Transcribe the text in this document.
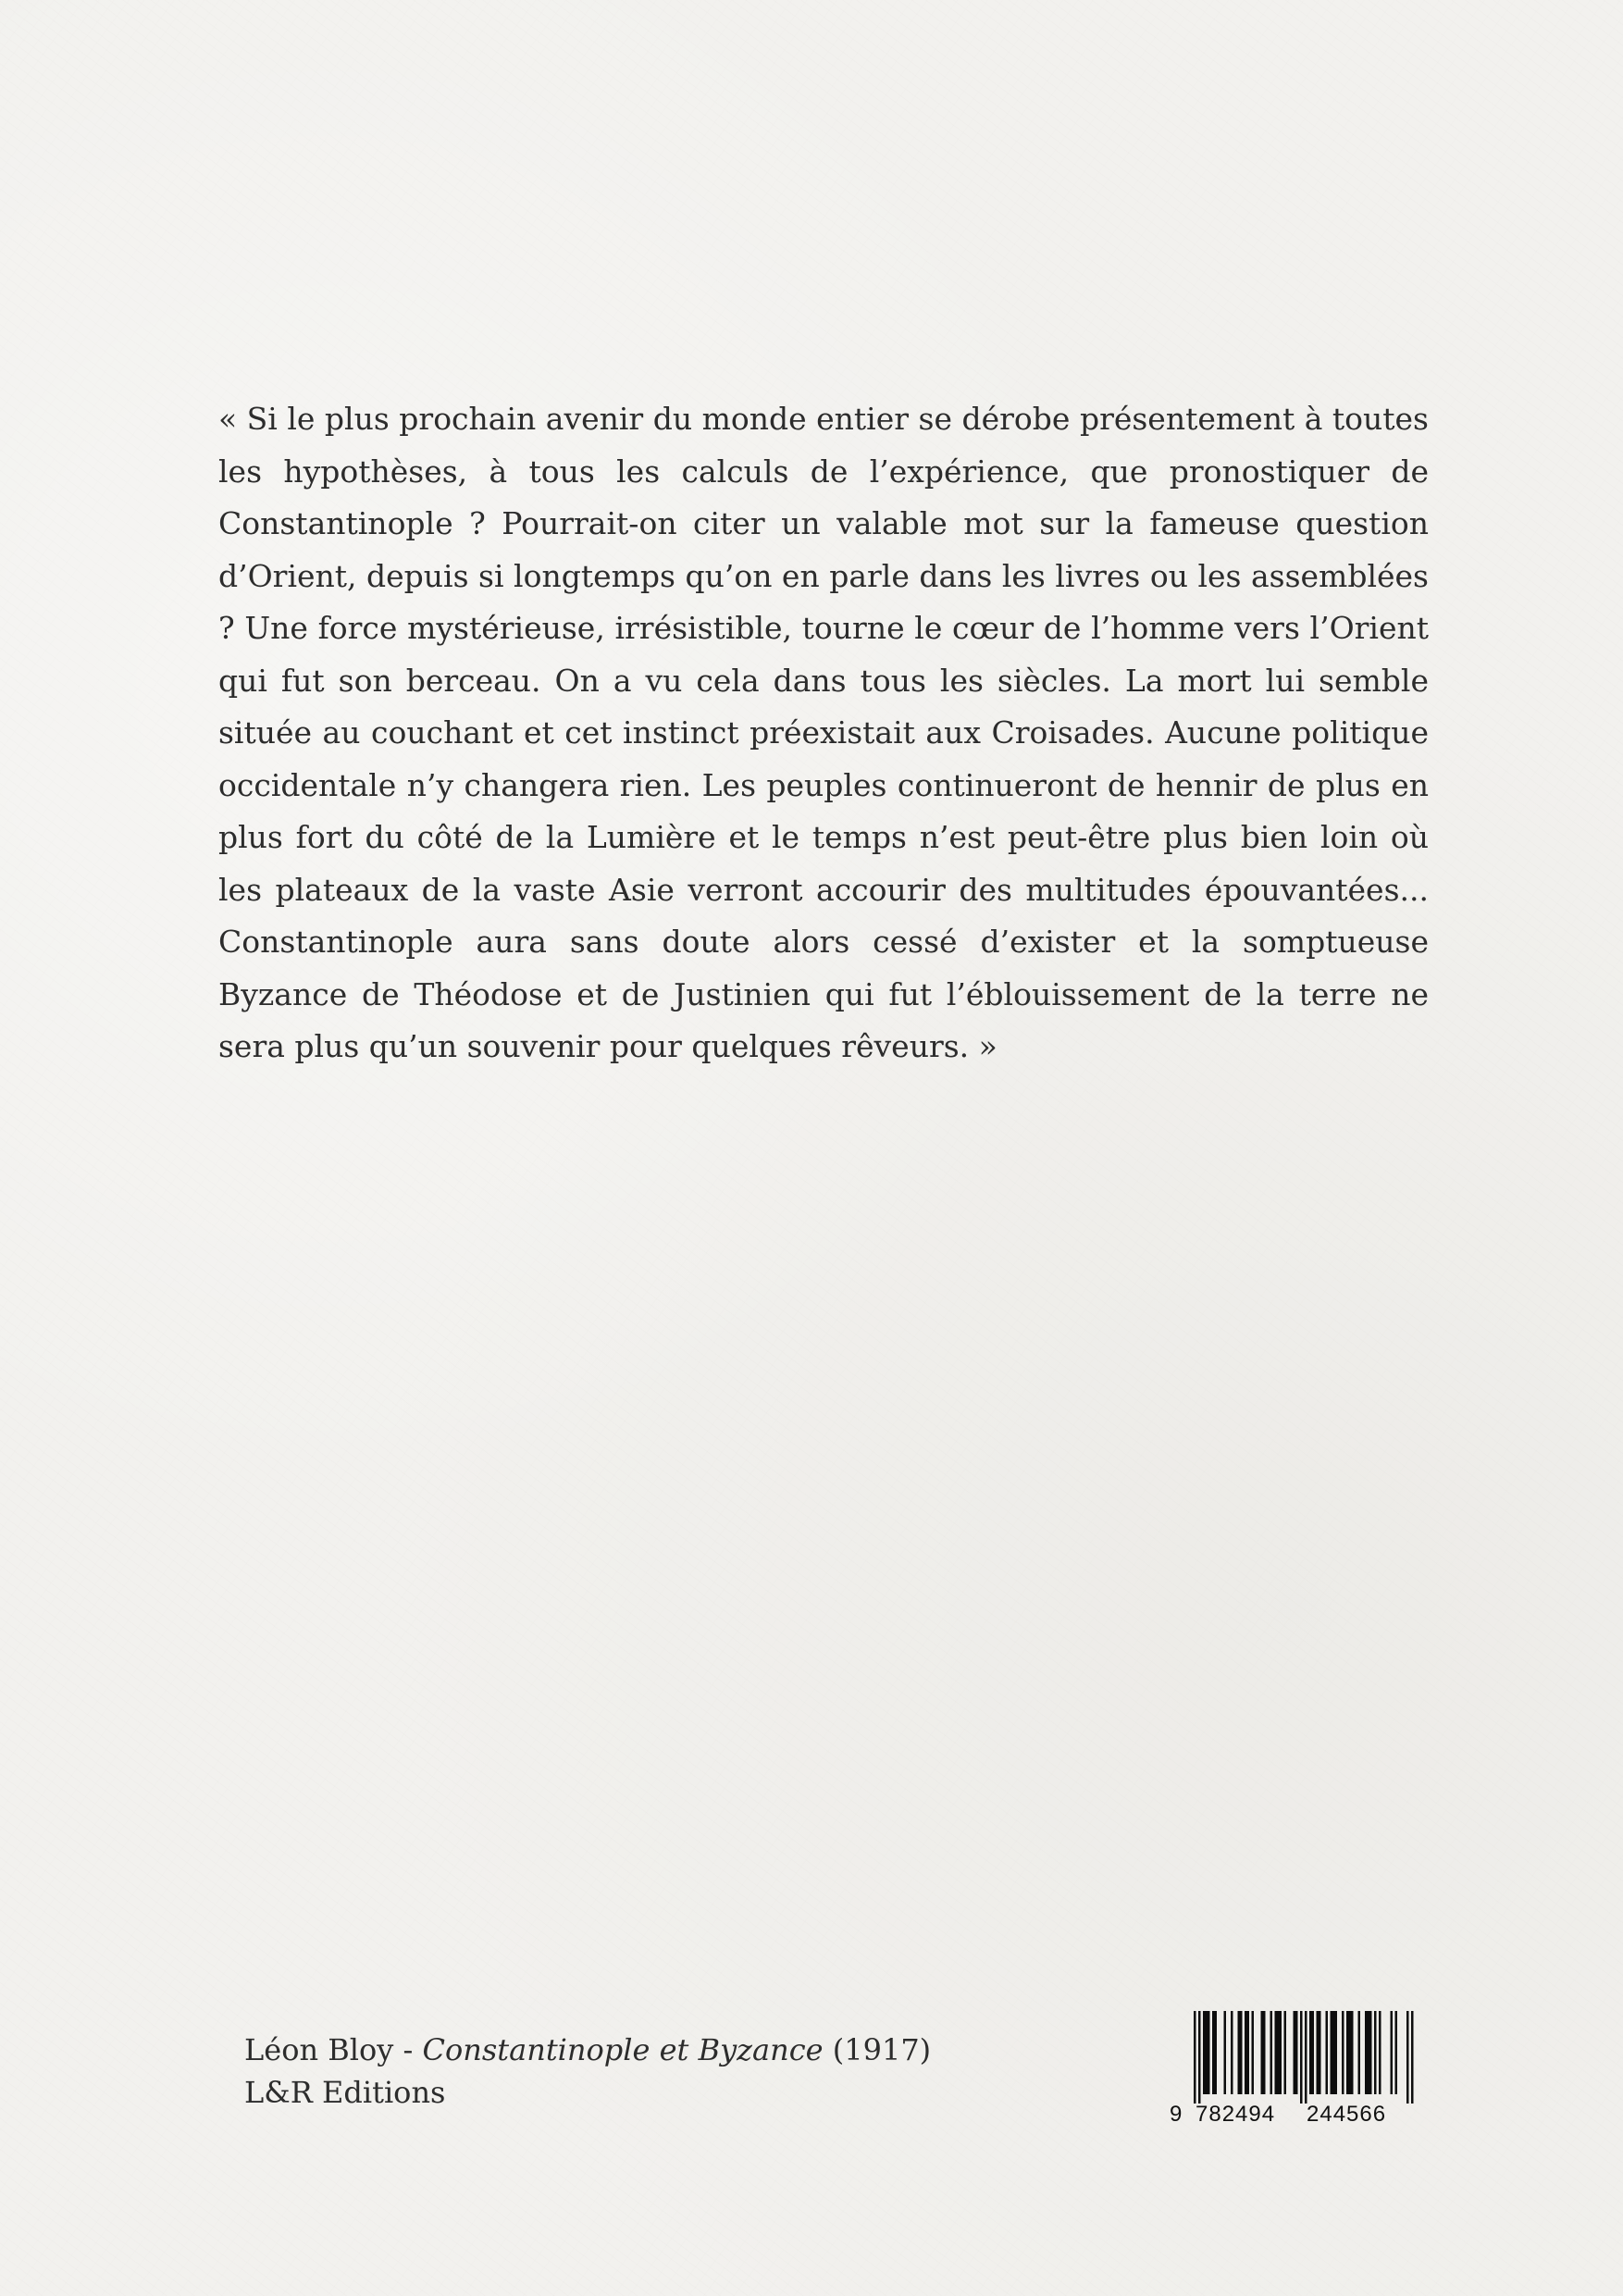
« Si le plus prochain avenir du monde entier se dérobe présentement à toutes les hypothèses, à tous les calculs de l’expérience, que pronostiquer de Constantinople ? Pourrait-on citer un valable mot sur la fameuse question d’Orient, depuis si longtemps qu’on en parle dans les livres ou les assemblées ? Une force mystérieuse, irrésistible, tourne le cœur de l’homme vers l’Orient qui fut son berceau. On a vu cela dans tous les siècles. La mort lui semble située au couchant et cet instinct préexistait aux Croisades. Aucune politique occidentale n’y changera rien. Les peuples continueront de hennir de plus en plus fort du côté de la Lumière et le temps n’est peut-être plus bien loin où les plateaux de la vaste Asie verront accourir des multitudes épouvantées... Constantinople aura sans doute alors cessé d’exister et la somptueuse Byzance de Théodose et de Justinien qui fut l’éblouissement de la terre ne sera plus qu’un souvenir pour quelques rêveurs. »

Léon Bloy - Constantinople et Byzance (1917)
L&R Editions
9 782494 244566
